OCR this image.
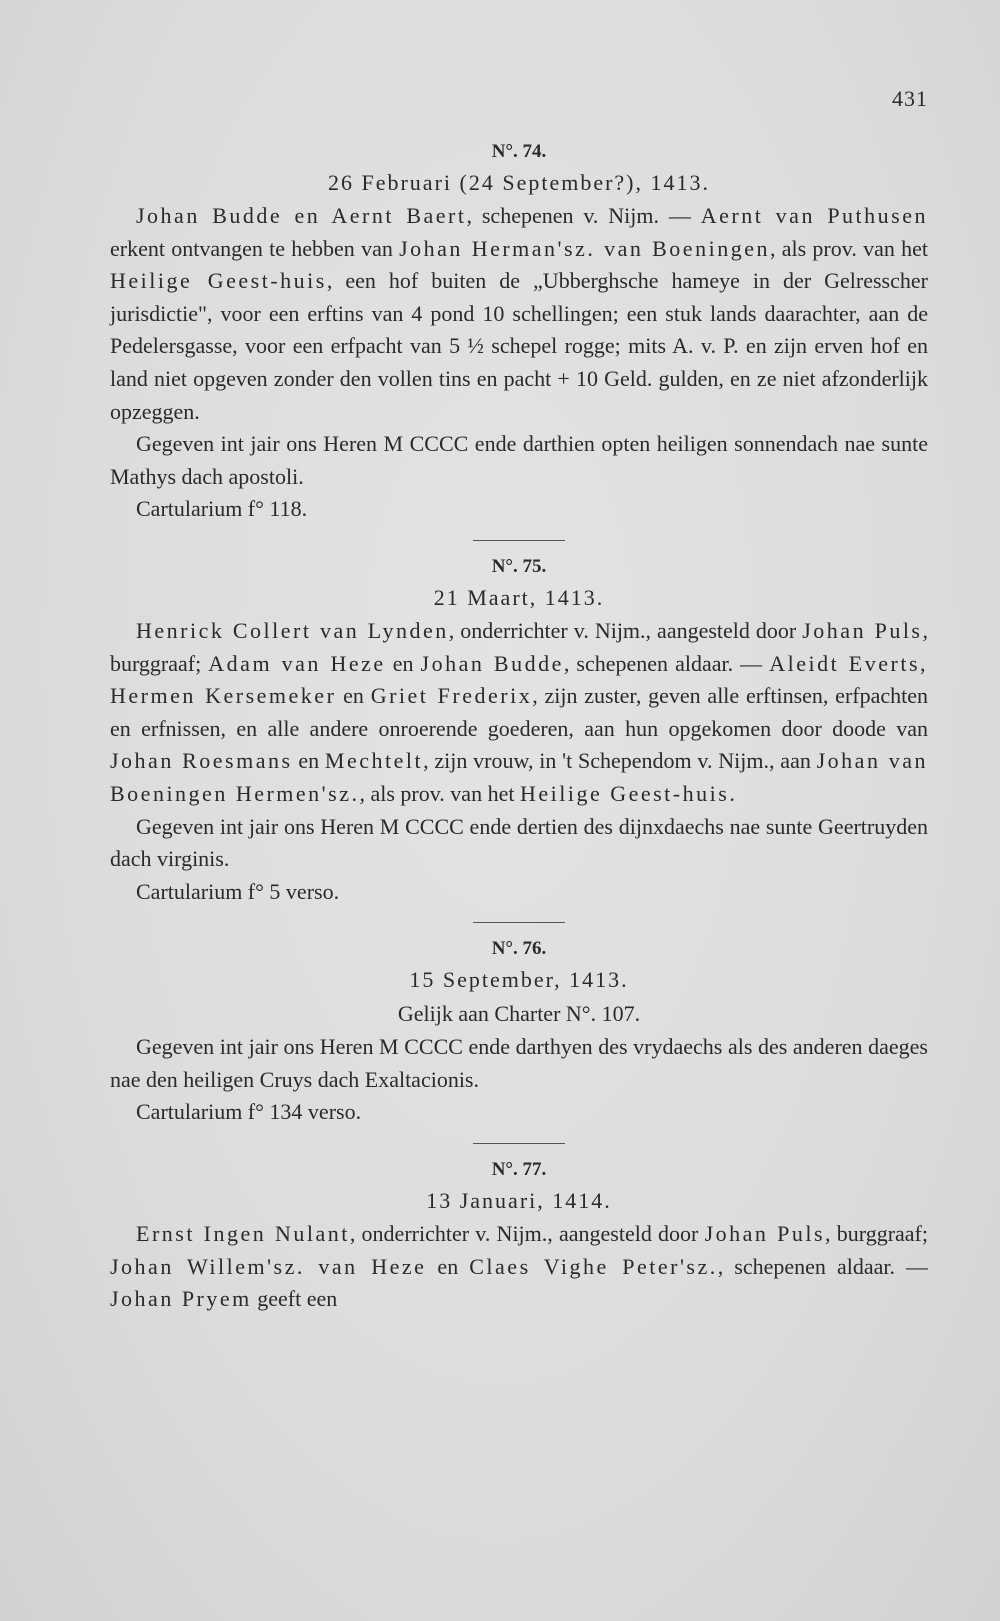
431
N°. 74.
26 Februari (24 September?), 1413.

Johan Budde en Aernt Baert, schepenen v. Nijm. — Aernt van Puthusen erkent ontvangen te hebben van Johan Herman'sz. van Boeningen, als prov. van het Heilige Geest-huis, een hof buiten de „Ubberghsche hameye in der Gelresscher jurisdictie", voor een erftins van 4 pond 10 schellingen; een stuk lands daarachter, aan de Pedelersgasse, voor een erfpacht van 5 ½ schepel rogge; mits A. v. P. en zijn erven hof en land niet opgeven zonder den vollen tins en pacht + 10 Geld. gulden, en ze niet afzonderlijk opzeggen.

Gegeven int jair ons Heren M CCCC ende darthien opten heiligen sonnendach nae sunte Mathys dach apostoli.

Cartularium f° 118.

N°. 75.
21 Maart, 1413.

Henrick Collert van Lynden, onderrichter v. Nijm., aangesteld door Johan Puls, burggraaf; Adam van Heze en Johan Budde, schepenen aldaar. — Aleidt Everts, Hermen Kersemeker en Griet Frederix, zijn zuster, geven alle erftinsen, erfpachten en erfnissen, en alle andere onroerende goederen, aan hun opgekomen door doode van Johan Roesmans en Mechtelt, zijn vrouw, in 't Schependom v. Nijm., aan Johan van Boeningen Hermen'sz., als prov. van het Heilige Geest-huis.

Gegeven int jair ons Heren M CCCC ende dertien des dijnxdaechs nae sunte Geertruyden dach virginis.

Cartularium f° 5 verso.

N°. 76.
15 September, 1413.
Gelijk aan Charter N°. 107.

Gegeven int jair ons Heren M CCCC ende darthyen des vrydaechs als des anderen daeges nae den heiligen Cruys dach Exaltacionis.

Cartularium f° 134 verso.

N°. 77.
13 Januari, 1414.

Ernst Ingen Nulant, onderrichter v. Nijm., aangesteld door Johan Puls, burggraaf; Johan Willem'sz. van Heze en Claes Vighe Peter'sz., schepenen aldaar. — Johan Pryem geeft een
